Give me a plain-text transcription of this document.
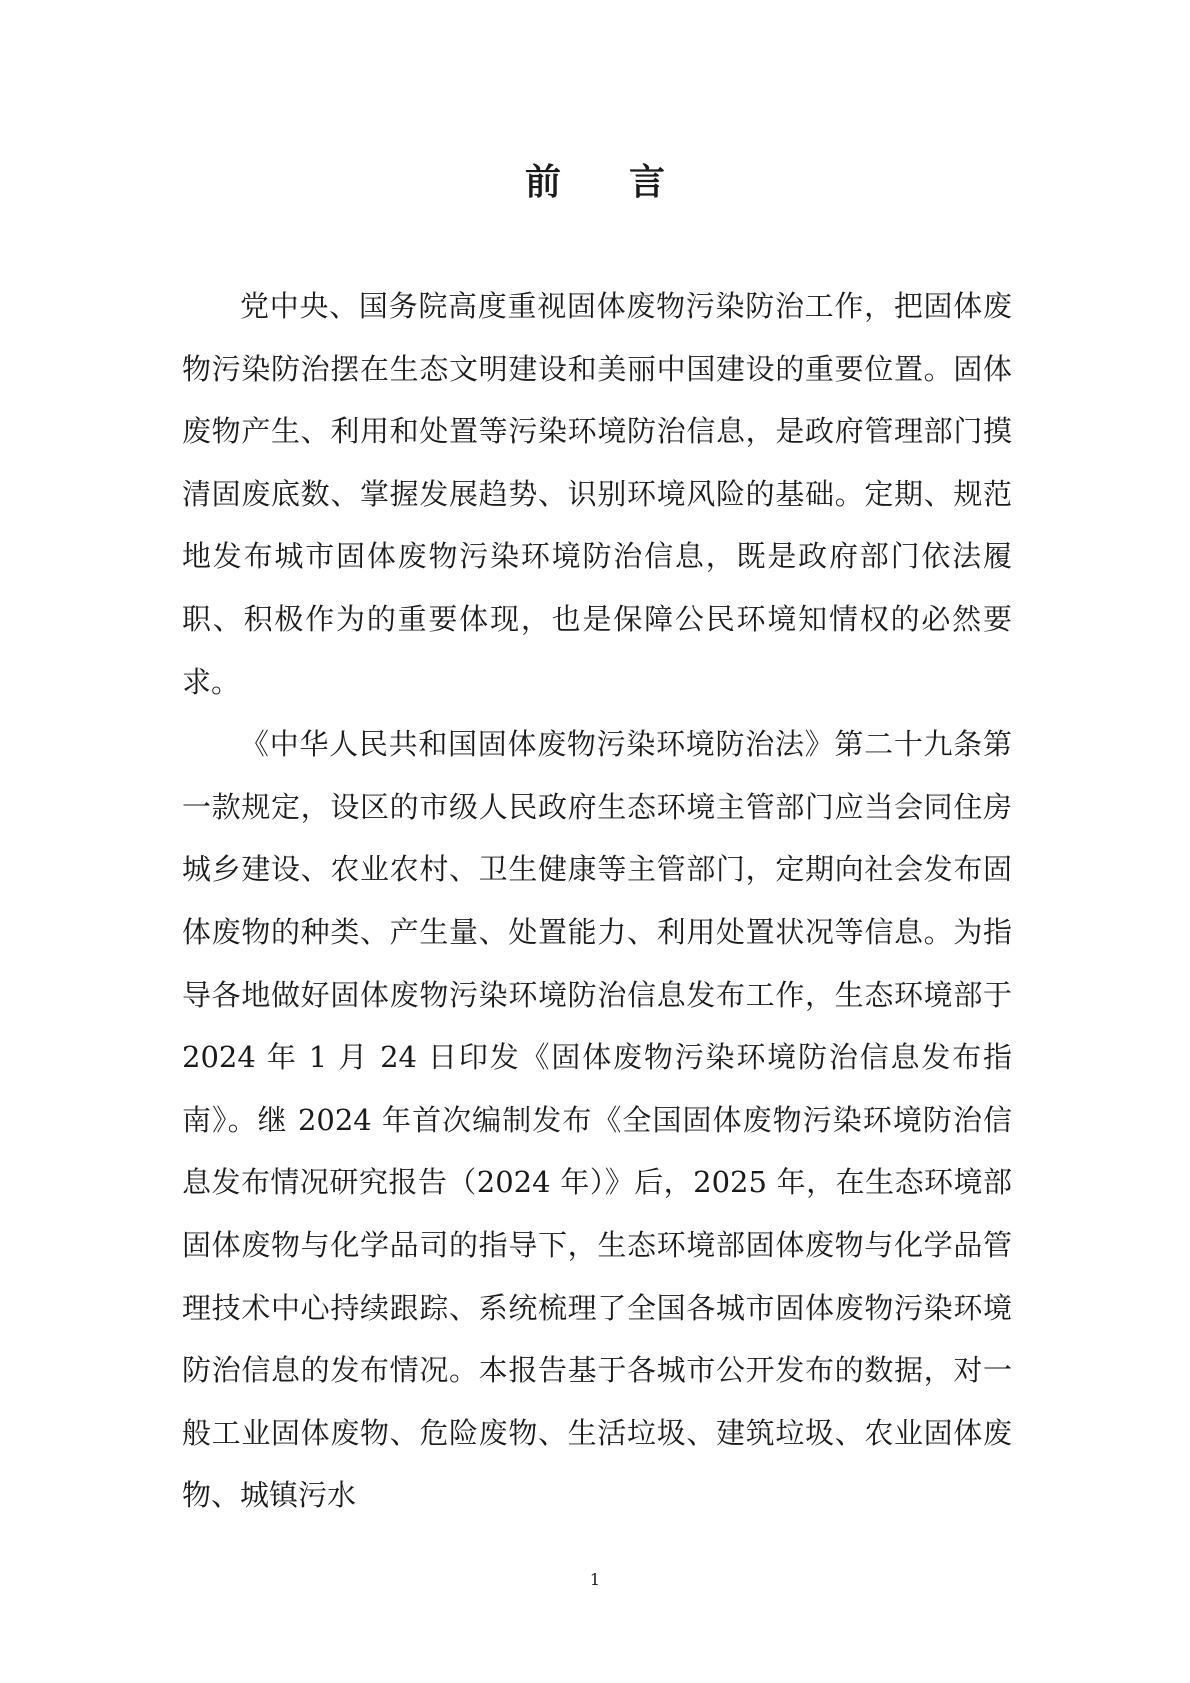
前言

党中央、国务院高度重视固体废物污染防治工作，把固体废物污染防治摆在生态文明建设和美丽中国建设的重要位置。固体废物产生、利用和处置等污染环境防治信息，是政府管理部门摸清固废底数、掌握发展趋势、识别环境风险的基础。定期、规范地发布城市固体废物污染环境防治信息，既是政府部门依法履职、积极作为的重要体现，也是保障公民环境知情权的必然要求。

《中华人民共和国固体废物污染环境防治法》第二十九条第一款规定，设区的市级人民政府生态环境主管部门应当会同住房城乡建设、农业农村、卫生健康等主管部门，定期向社会发布固体废物的种类、产生量、处置能力、利用处置状况等信息。为指导各地做好固体废物污染环境防治信息发布工作，生态环境部于 2024 年 1 月 24 日印发《固体废物污染环境防治信息发布指南》。继 2024 年首次编制发布《全国固体废物污染环境防治信息发布情况研究报告（2024 年）》后，2025 年，在生态环境部固体废物与化学品司的指导下，生态环境部固体废物与化学品管理技术中心持续跟踪、系统梳理了全国各城市固体废物污染环境防治信息的发布情况。本报告基于各城市公开发布的数据，对一般工业固体废物、危险废物、生活垃圾、建筑垃圾、农业固体废物、城镇污水

1
